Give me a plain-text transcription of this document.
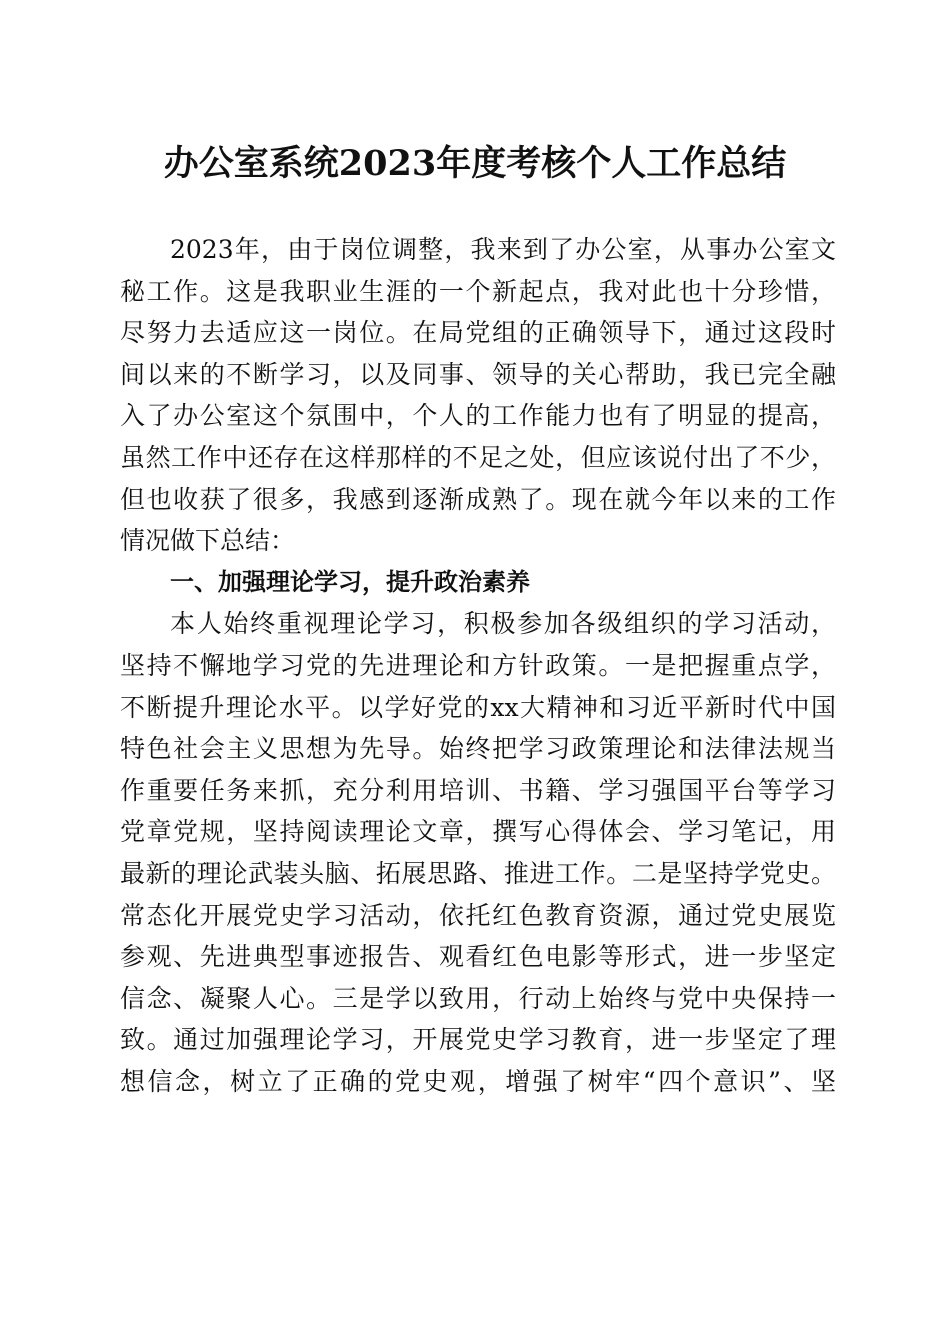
办公室系统2023年度考核个人工作总结
2023年，由于岗位调整，我来到了办公室，从事办公室文
秘工作。这是我职业生涯的一个新起点，我对此也十分珍惜，
尽努力去适应这一岗位。在局党组的正确领导下，通过这段时
间以来的不断学习，以及同事、领导的关心帮助，我已完全融
入了办公室这个氛围中，个人的工作能力也有了明显的提高，
虽然工作中还存在这样那样的不足之处，但应该说付出了不少，
但也收获了很多，我感到逐渐成熟了。现在就今年以来的工作
情况做下总结：
一、加强理论学习，提升政治素养
本人始终重视理论学习，积极参加各级组织的学习活动，
坚持不懈地学习党的先进理论和方针政策。一是把握重点学，
不断提升理论水平。以学好党的xx大精神和习近平新时代中国
特色社会主义思想为先导。始终把学习政策理论和法律法规当
作重要任务来抓，充分利用培训、书籍、学习强国平台等学习
党章党规，坚持阅读理论文章，撰写心得体会、学习笔记，用
最新的理论武装头脑、拓展思路、推进工作。二是坚持学党史。
常态化开展党史学习活动，依托红色教育资源，通过党史展览
参观、先进典型事迹报告、观看红色电影等形式，进一步坚定
信念、凝聚人心。三是学以致用，行动上始终与党中央保持一
致。通过加强理论学习，开展党史学习教育，进一步坚定了理
想信念，树立了正确的党史观，增强了树牢“四个意识”、坚
